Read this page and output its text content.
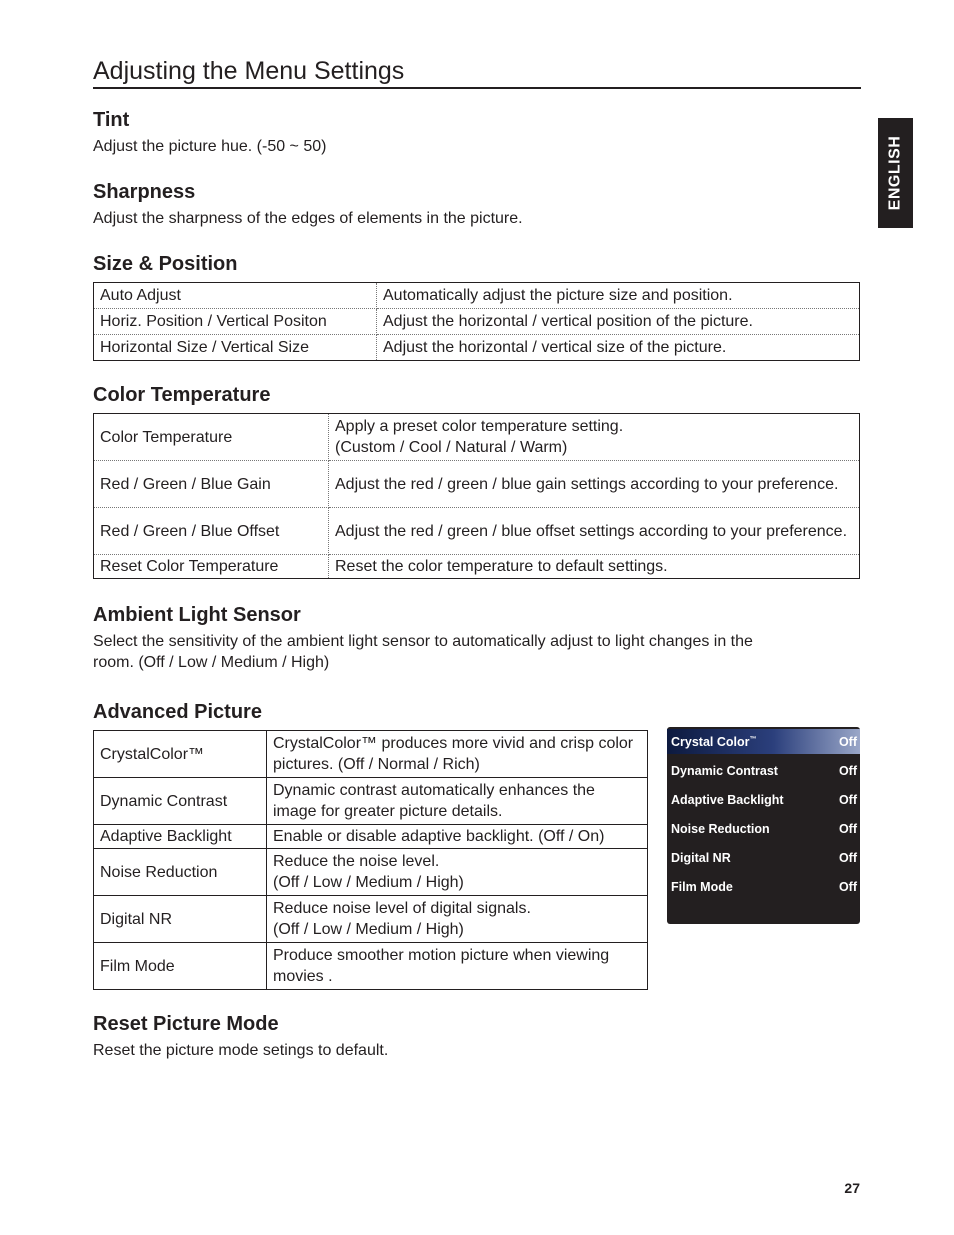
Adjusting the Menu Settings
ENGLISH
Tint

Adjust the picture hue. (-50 ~ 50)

Sharpness

Adjust the sharpness of the edges of elements in the picture.

Size & Position
Auto Adjust	Automatically adjust the picture size and position.
Horiz. Position / Vertical Positon	Adjust the horizontal / vertical position of the picture.
Horizontal Size / Vertical Size	Adjust the horizontal / vertical size of the picture.
Color Temperature
Color Temperature	Apply a preset color temperature setting.
(Custom / Cool / Natural / Warm)
Red / Green / Blue Gain	Adjust the red / green / blue gain settings according to your preference.
Red / Green / Blue Offset	Adjust the red / green / blue offset settings according to your preference.
Reset Color Temperature	Reset the color temperature to default settings.
Ambient Light Sensor

Select the sensitivity of the ambient light sensor to automatically adjust to light changes in the room. (Off / Low / Medium / High)

Advanced Picture
CrystalColor™	CrystalColor™ produces more vivid and crisp color pictures. (Off / Normal / Rich)
Dynamic Contrast	Dynamic contrast automatically enhances the image for greater picture details.
Adaptive Backlight	Enable or disable adaptive backlight. (Off / On)
Noise Reduction	Reduce the noise level.
(Off / Low / Medium / High)
Digital NR	Reduce noise level of digital signals.
(Off / Low / Medium / High)
Film Mode	Produce smoother motion picture when viewing movies .
Crystal Color™	Off
Dynamic Contrast	Off
Adaptive Backlight	Off
Noise Reduction	Off
Digital NR	Off
Film Mode	Off
Reset Picture Mode

Reset the picture mode setings to default.

27
